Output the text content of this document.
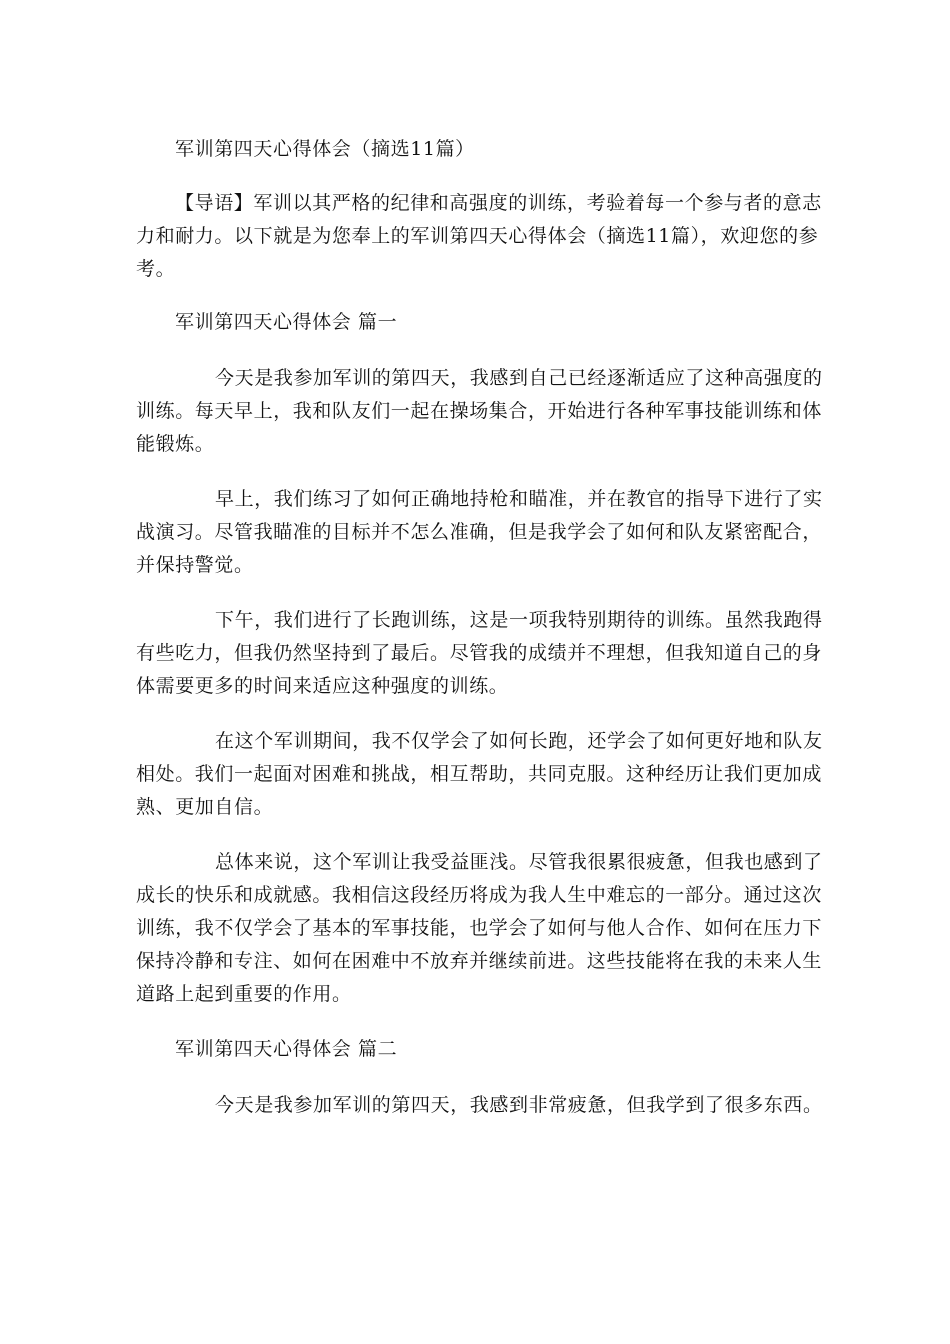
军训第四天心得体会（摘选11篇）

【导语】军训以其严格的纪律和高强度的训练，考验着每一个参与者的意志

力和耐力。以下就是为您奉上的军训第四天心得体会（摘选11篇），欢迎您的参

考。

军训第四天心得体会 篇一

今天是我参加军训的第四天，我感到自己已经逐渐适应了这种高强度的

训练。每天早上，我和队友们一起在操场集合，开始进行各种军事技能训练和体

能锻炼。

早上，我们练习了如何正确地持枪和瞄准，并在教官的指导下进行了实

战演习。尽管我瞄准的目标并不怎么准确，但是我学会了如何和队友紧密配合，

并保持警觉。

下午，我们进行了长跑训练，这是一项我特别期待的训练。虽然我跑得

有些吃力，但我仍然坚持到了最后。尽管我的成绩并不理想，但我知道自己的身

体需要更多的时间来适应这种强度的训练。

在这个军训期间，我不仅学会了如何长跑，还学会了如何更好地和队友

相处。我们一起面对困难和挑战，相互帮助，共同克服。这种经历让我们更加成

熟、更加自信。

总体来说，这个军训让我受益匪浅。尽管我很累很疲惫，但我也感到了

成长的快乐和成就感。我相信这段经历将成为我人生中难忘的一部分。通过这次

训练，我不仅学会了基本的军事技能，也学会了如何与他人合作、如何在压力下

保持冷静和专注、如何在困难中不放弃并继续前进。这些技能将在我的未来人生

道路上起到重要的作用。

军训第四天心得体会 篇二

今天是我参加军训的第四天，我感到非常疲惫，但我学到了很多东西。
